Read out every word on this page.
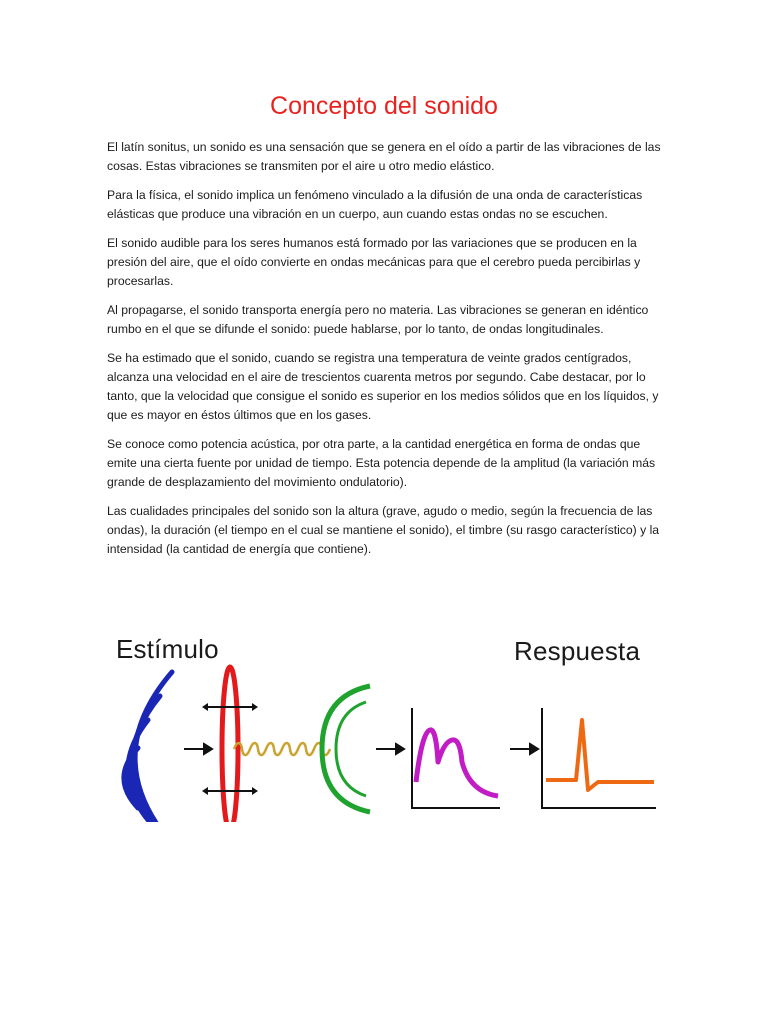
Concepto del sonido

El latín sonitus, un sonido es una sensación que se genera en el oído a partir de las vibraciones de las cosas. Estas vibraciones se transmiten por el aire u otro medio elástico.

Para la física, el sonido implica un fenómeno vinculado a la difusión de una onda de características elásticas que produce una vibración en un cuerpo, aun cuando estas ondas no se escuchen.

El sonido audible para los seres humanos está formado por las variaciones que se producen en la presión del aire, que el oído convierte en ondas mecánicas para que el cerebro pueda percibirlas y procesarlas.

Al propagarse, el sonido transporta energía pero no materia. Las vibraciones se generan en idéntico rumbo en el que se difunde el sonido: puede hablarse, por lo tanto, de ondas longitudinales.

Se ha estimado que el sonido, cuando se registra una temperatura de veinte grados centígrados, alcanza una velocidad en el aire de trescientos cuarenta metros por segundo. Cabe destacar, por lo tanto, que la velocidad que consigue el sonido es superior en los medios sólidos que en los líquidos, y que es mayor en éstos últimos que en los gases.

Se conoce como potencia acústica, por otra parte, a la cantidad energética en forma de ondas que emite una cierta fuente por unidad de tiempo. Esta potencia depende de la amplitud (la variación más grande de desplazamiento del movimiento ondulatorio).

Las cualidades principales del sonido son la altura (grave, agudo o medio, según la frecuencia de las ondas), la duración (el tiempo en el cual se mantiene el sonido), el timbre (su rasgo característico) y la intensidad (la cantidad de energía que contiene).

Estímulo	Respuesta
